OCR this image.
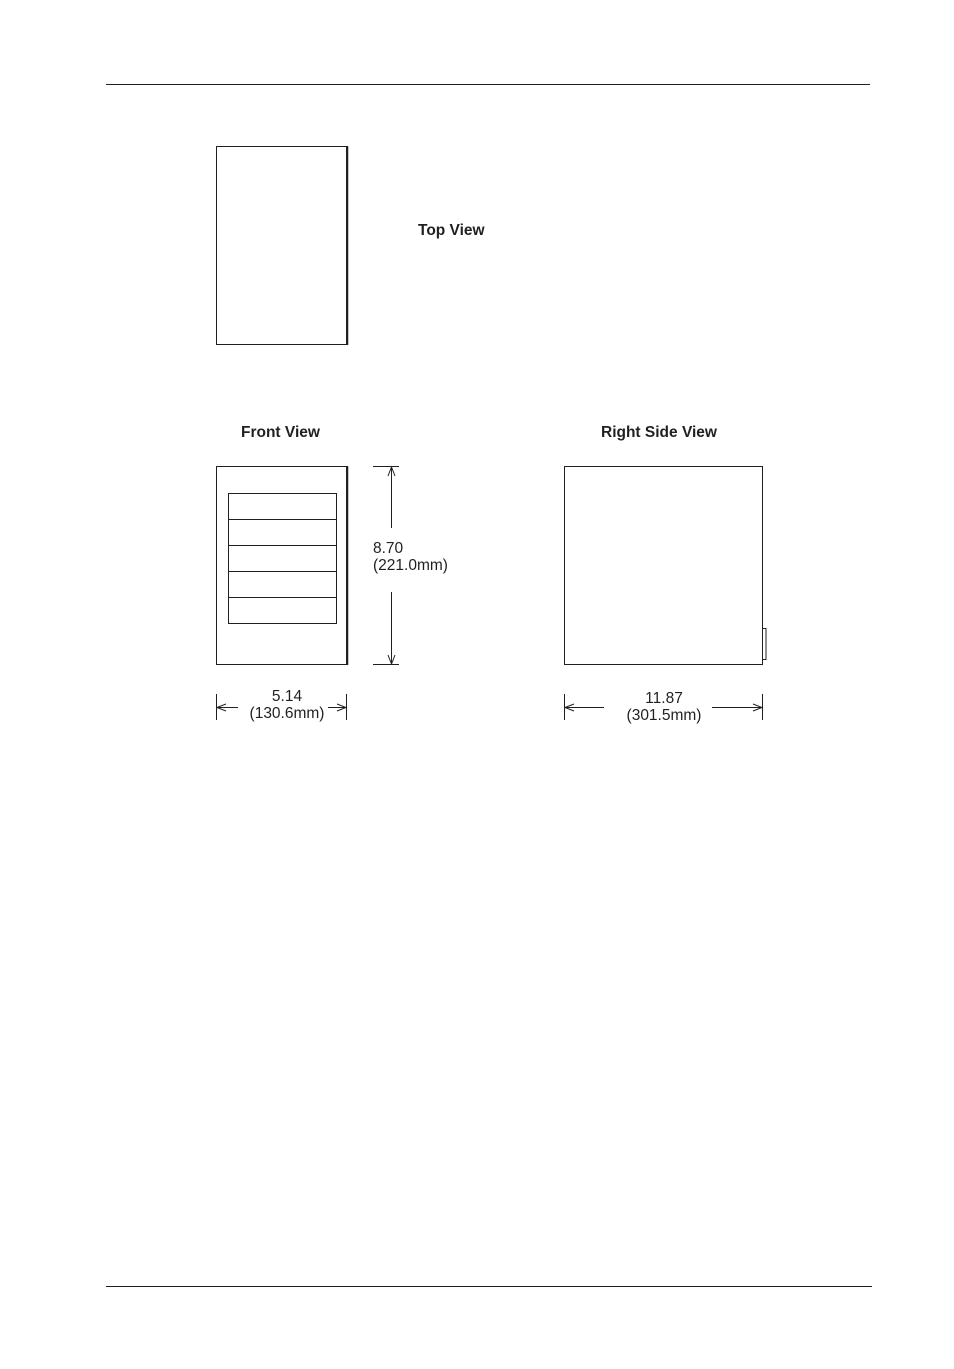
Top View
Front View	Right Side View
8.70
(221.0mm)
5.14
(130.6mm)
11.87
(301.5mm)
